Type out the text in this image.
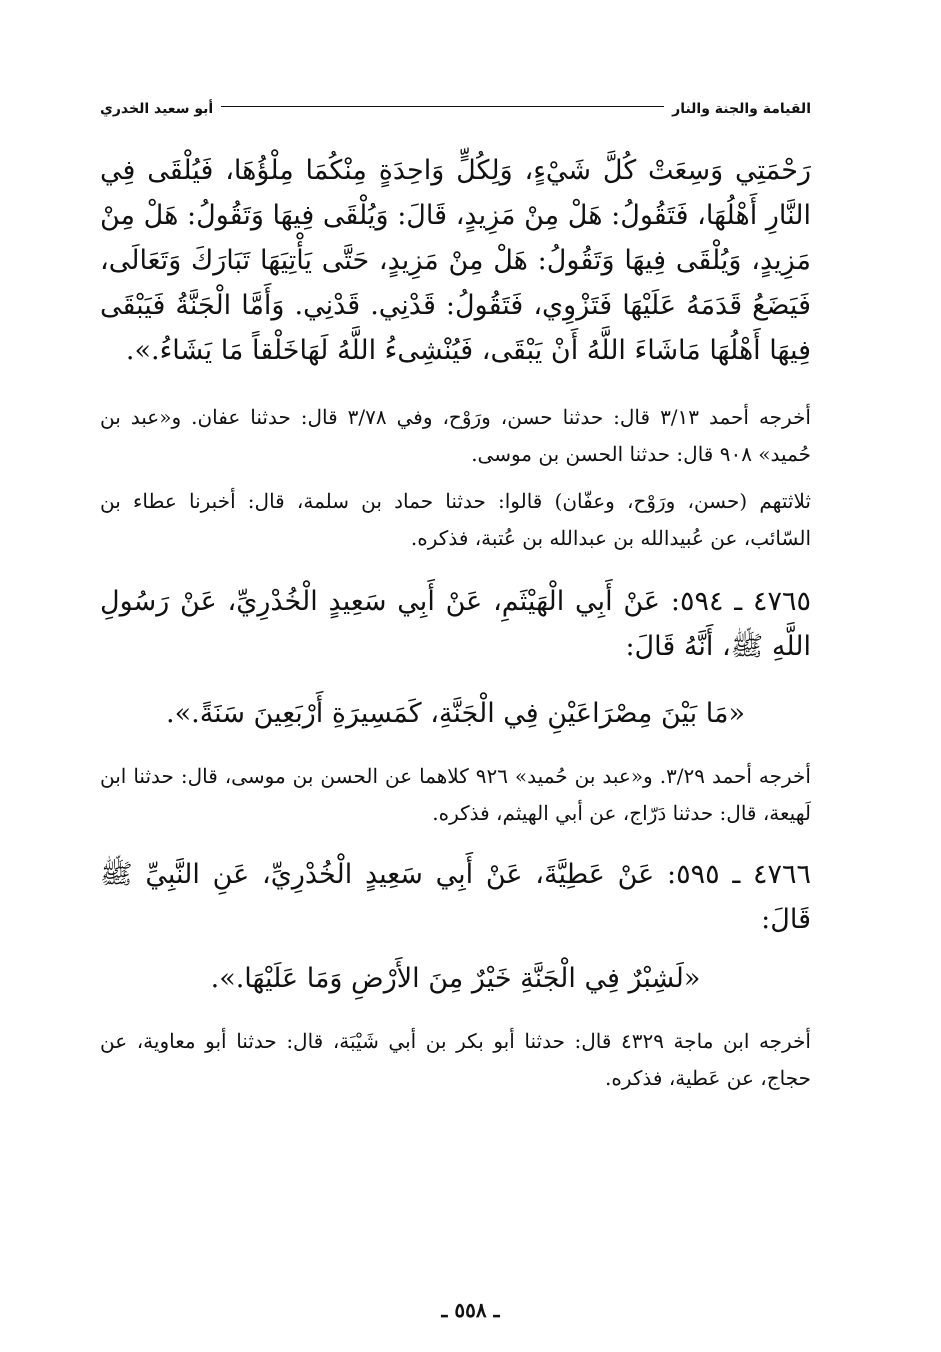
القيامة والجنة والنار
أبو سعيد الخدري

رَحْمَتِي وَسِعَتْ كُلَّ شَيْءٍ، وَلِكُلٍّ وَاحِدَةٍ مِنْكُمَا مِلْؤُهَا، فَيُلْقَى فِي النَّارِ أَهْلُهَا، فَتَقُولُ: هَلْ مِنْ مَزِيدٍ، قَالَ: وَيُلْقَى فِيهَا وَتَقُولُ: هَلْ مِنْ مَزِيدٍ، وَيُلْقَى فِيهَا وَتَقُولُ: هَلْ مِنْ مَزِيدٍ، حَتَّى يَأْتِيَهَا تَبَارَكَ وَتَعَالَى، فَيَضَعُ قَدَمَهُ عَلَيْهَا فَتَزْوِي، فَتَقُولُ: قَدْنِي. قَدْنِي. وَأَمَّا الْجَنَّةُ فَيَبْقَى فِيهَا أَهْلُهَا مَاشَاءَ اللَّهُ أَنْ يَبْقَى، فَيُنْشِىءُ اللَّهُ لَهَاخَلْقاً مَا يَشَاءُ.».

أخرجه أحمد ٣/١٣ قال: حدثنا حسن، ورَوْح، وفي ٣/٧٨ قال: حدثنا عفان. و«عبد بن حُميد» ٩٠٨ قال: حدثنا الحسن بن موسى.

ثلاثتهم (حسن، ورَوْح، وعفّان) قالوا: حدثنا حماد بن سلمة، قال: أخبرنا عطاء بن السّائب، عن عُبيدالله بن عبدالله بن عُتبة، فذكره.

٤٧٦٥ ـ ٥٩٤: عَنْ أَبِي الْهَيْثَمِ، عَنْ أَبِي سَعِيدٍ الْخُدْرِيِّ، عَنْ رَسُولِ اللَّهِ ﷺ، أَنَّهُ قَالَ:

«مَا بَيْنَ مِصْرَاعَيْنِ فِي الْجَنَّةِ، كَمَسِيرَةِ أَرْبَعِينَ سَنَةً.».

أخرجه أحمد ٣/٢٩. و«عبد بن حُميد» ٩٢٦ كلاهما عن الحسن بن موسى، قال: حدثنا ابن لَهيعة، قال: حدثنا دَرّاج، عن أبي الهيثم، فذكره.

٤٧٦٦ ـ ٥٩٥: عَنْ عَطِيَّةَ، عَنْ أَبِي سَعِيدٍ الْخُدْرِيِّ، عَنِ النَّبِيِّ ﷺ قَالَ:

«لَشِبْرٌ فِي الْجَنَّةِ خَيْرٌ مِنَ الأَرْضِ وَمَا عَلَيْهَا.».

أخرجه ابن ماجة ٤٣٢٩ قال: حدثنا أبو بكر بن أبي شَيْبَة، قال: حدثنا أبو معاوية، عن حجاج، عن عَطية، فذكره.

ـ ٥٥٨ ـ
